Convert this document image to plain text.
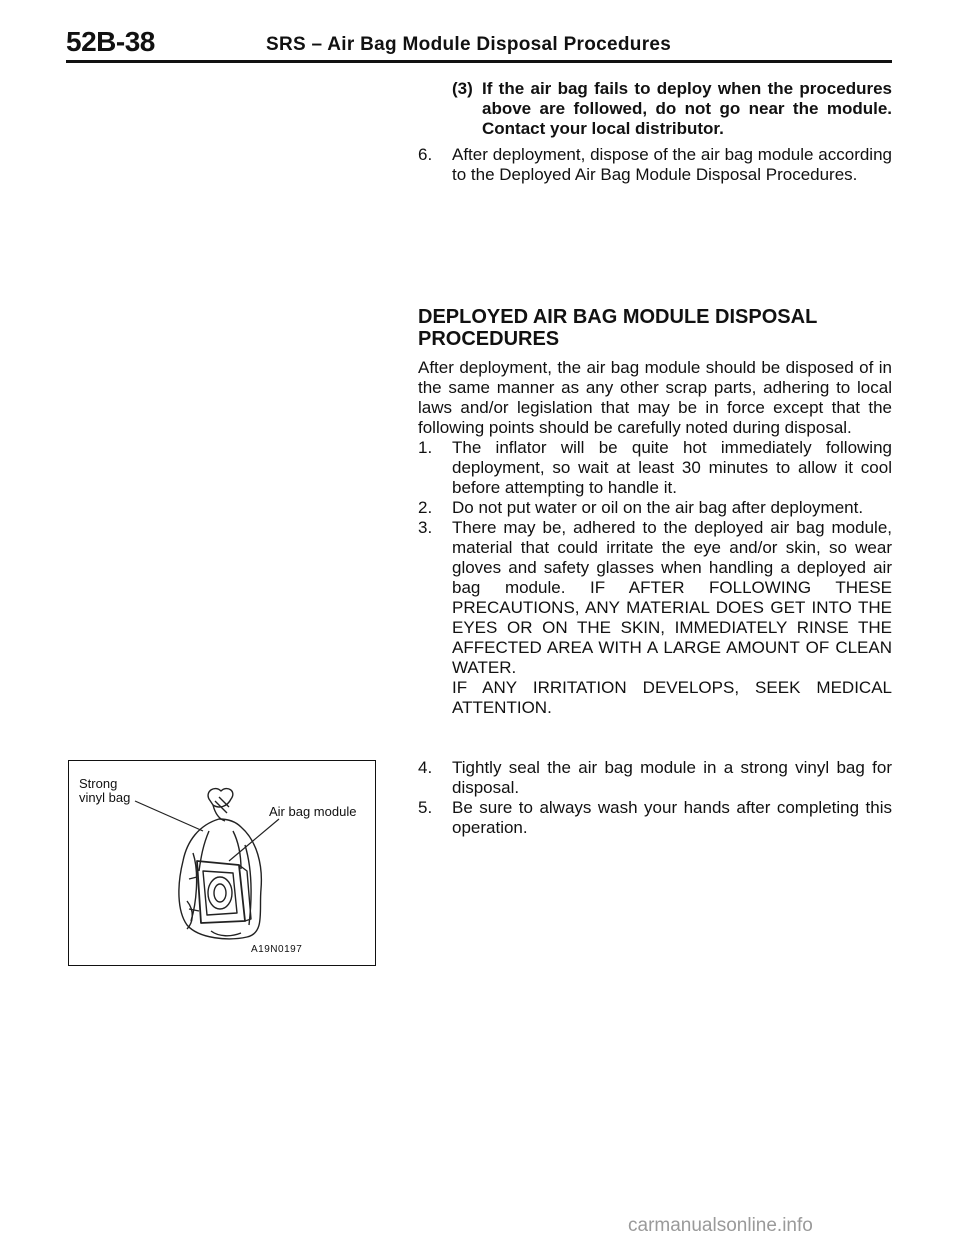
52B-38	SRS – Air Bag Module Disposal Procedures
(3) If the air bag fails to deploy when the procedures above are followed, do not go near the module. Contact your local distributor.
6. After deployment, dispose of the air bag module according to the Deployed Air Bag Module Disposal Procedures.
DEPLOYED AIR BAG MODULE DISPOSAL PROCEDURES
After deployment, the air bag module should be disposed of in the same manner as any other scrap parts, adhering to local laws and/or legislation that may be in force except that the following points should be carefully noted during disposal.
1. The inflator will be quite hot immediately following deployment, so wait at least 30 minutes to allow it cool before attempting to handle it.
2. Do not put water or oil on the air bag after deployment.
3. There may be, adhered to the deployed air bag module, material that could irritate the eye and/or skin, so wear gloves and safety glasses when handling a deployed air bag module. IF AFTER FOLLOWING THESE PRECAUTIONS, ANY MATERIAL DOES GET INTO THE EYES OR ON THE SKIN, IMMEDIATELY RINSE THE AFFECTED AREA WITH A LARGE AMOUNT OF CLEAN WATER.
IF ANY IRRITATION DEVELOPS, SEEK MEDICAL ATTENTION.
4. Tightly seal the air bag module in a strong vinyl bag for disposal.
5. Be sure to always wash your hands after completing this operation.
Strong
vinyl bag
Air bag module
A19N0197
carmanualsonline.info
